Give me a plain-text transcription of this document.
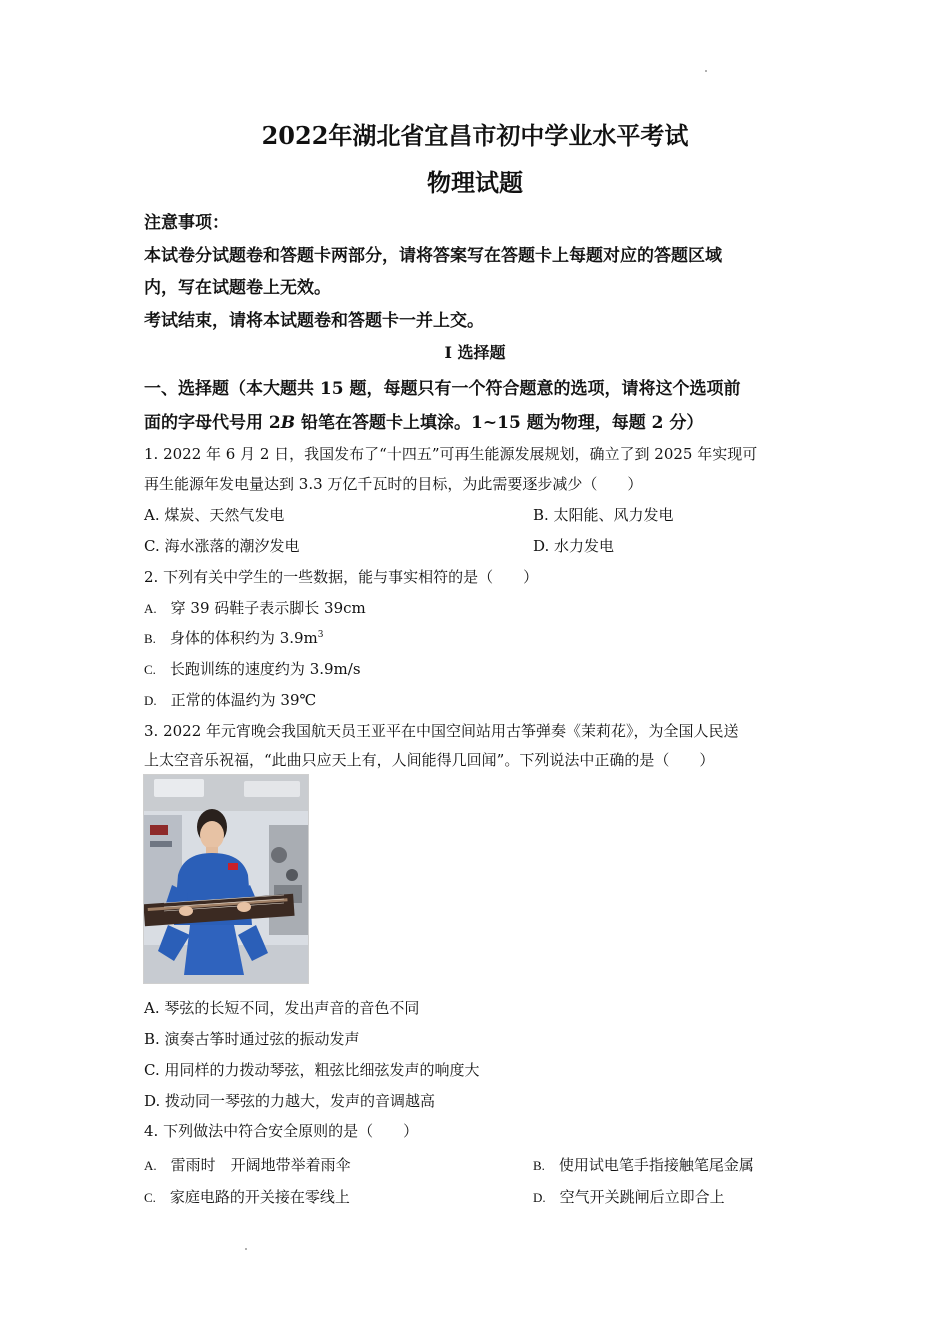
2022年湖北省宜昌市初中学业水平考试
物理试题
注意事项：
本试卷分试题卷和答题卡两部分，请将答案写在答题卡上每题对应的答题区域
内，写在试题卷上无效。
考试结束，请将本试题卷和答题卡一并上交。
I 选择题
一、选择题（本大题共 15 题，每题只有一个符合题意的选项，请将这个选项前
面的字母代号用 2B 铅笔在答题卡上填涂。1~15 题为物理，每题 2 分）
1. 2022 年 6 月 2 日，我国发布了“十四五”可再生能源发展规划，确立了到 2025 年实现可
再生能源年发电量达到 3.3 万亿千瓦时的目标，为此需要逐步减少（　　）
A. 煤炭、天然气发电	B. 太阳能、风力发电
C. 海水涨落的潮汐发电	D. 水力发电
2. 下列有关中学生的一些数据，能与事实相符的是（　　）
A. 穿 39 码鞋子表示脚长 39cm
B. 身体的体积约为 $3.9m^3$
C. 长跑训练的速度约为 3.9m/s
D. 正常的体温约为 39℃
3. 2022 年元宵晚会我国航天员王亚平在中国空间站用古筝弹奏《茉莉花》，为全国人民送
上太空音乐祝福，“此曲只应天上有，人间能得几回闻”。下列说法中正确的是（　　）
A. 琴弦的长短不同，发出声音的音色不同
B. 演奏古筝时通过弦的振动发声
C. 用同样的力拨动琴弦，粗弦比细弦发声的响度大
D. 拨动同一琴弦的力越大，发声的音调越高
4. 下列做法中符合安全原则的是（　　）
A. 雷雨时　开阔地带举着雨伞	B. 使用试电笔手指接触笔尾金属
C. 家庭电路的开关接在零线上	D. 空气开关跳闸后立即合上
